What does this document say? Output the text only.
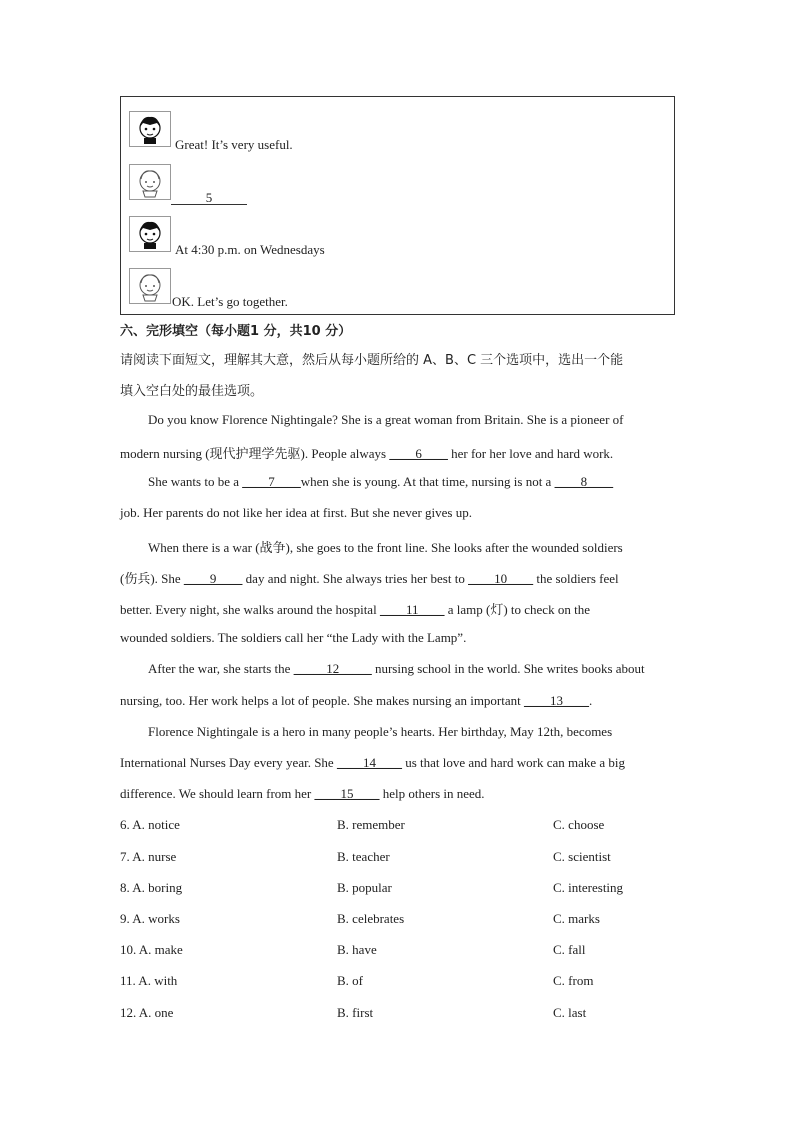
Great! It’s very useful.
5
At 4:30 p.m. on Wednesdays
OK. Let’s go together.
六、完形填空（每小题1 分，共10 分）
请阅读下面短文，理解其大意，然后从每小题所给的 A、B、C 三个选项中，选出一个能
填入空白处的最佳选项。
Do you know Florence Nightingale? She is a great woman from Britain. She is a pioneer of
modern nursing (现代护理学先驱). People always ____6____ her for her love and hard work.
She wants to be a ____7____when she is young. At that time, nursing is not a ____8____
job. Her parents do not like her idea at first. But she never gives up.
When there is a war (战争), she goes to the front line. She looks after the wounded soldiers
(伤兵). She ____9____ day and night. She always tries her best to ____10____ the soldiers feel
better. Every night, she walks around the hospital ____11____ a lamp (灯) to check on the
wounded soldiers. The soldiers call her “the Lady with the Lamp”.
After the war, she starts the _____12_____ nursing school in the world. She writes books about
nursing, too. Her work helps a lot of people. She makes nursing an important ____13____.
Florence Nightingale is a hero in many people’s hearts. Her birthday, May 12th, becomes
International Nurses Day every year. She ____14____ us that love and hard work can make a big
difference. We should learn from her ____15____ help others in need.
6. A. notice	B. remember	C. choose
7. A. nurse	B. teacher	C. scientist
8. A. boring	B. popular	C. interesting
9. A. works	B. celebrates	C. marks
10. A. make	B. have	C. fall
11. A. with	B. of	C. from
12. A. one	B. first	C. last
